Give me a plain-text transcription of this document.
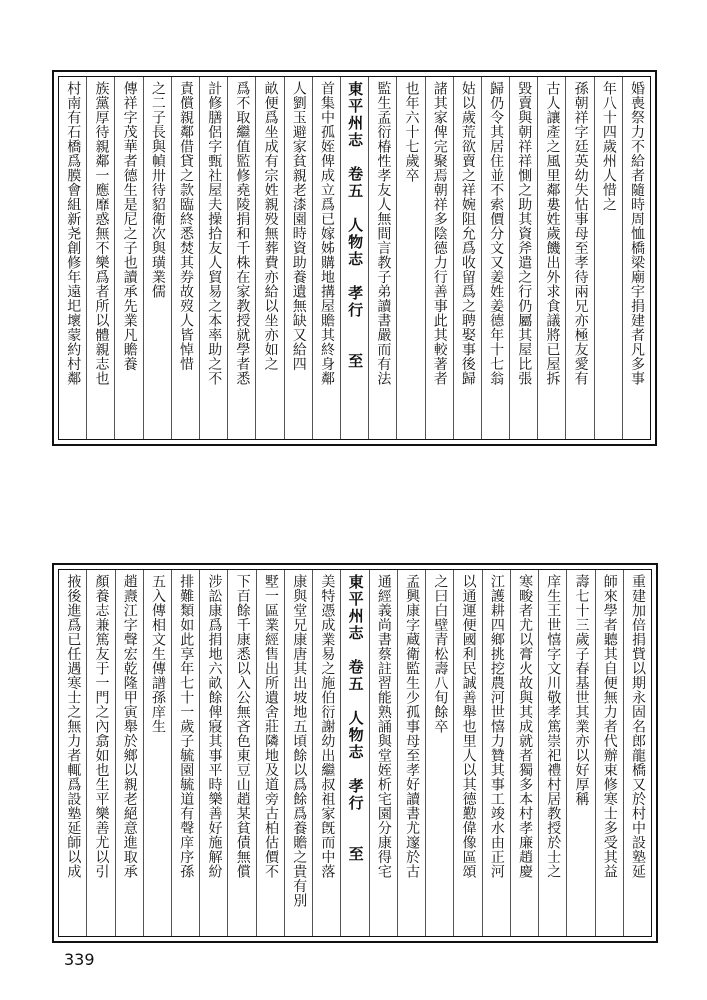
婚喪祭力不給者隨時周恤橋梁廟宇捐建者凡多事
年八十四歲州人惜之
孫朝祥字廷英幼失怙事母至孝待兩兄亦極友愛有
古人讓產之風里鄰婁姓歲饑出外求食議將已屋拆
毀賣與朝祥祥惻之助其資斧遣之行仍屬其屋比張
歸仍令其居住並不索價分文又姜姓姜德年十七翁
姑以歲荒欲賣之祥婉阻允爲收留爲之聘娶事後歸
諸其家俾完聚焉朝祥多陰德力行善事此其較著者
也年六十七歲卒
監生孟衍椿性孝友人無間言教子弟讀書嚴而有法
東平州志　卷五　人物志　孝行　　至
首集中孤姪俾成立爲已嫁姊購地搆屋贍其終身鄰
人劉玉避家貧親老漆園時資助養遺無缺又給四
畝便爲坐成有宗姓親殁無葬費亦給以坐亦如之
爲不取繼值監修堯陵捐和千株在家教授就學者悉
計修膳侶字甄社屋夫操拾友人貿易之本率助之不
責償親鄰借貸之款臨終悉焚其券故歿人皆悼惜
之二子長與幀卅待貂衛次與璜業儒
傳祥字茂華者德生是尼之子也讀承先業凡贍養
族黨厚待親鄰一應靡惑無不樂爲者所以體親志也
村南有石橋爲膜會組新尧創修年遠圯壞蒙約村鄰
重建加倍捐貲以期永固名郎龍橋又於村中設塾延
師來學者聽其自便無力者代辦束修寒士多受其益
壽七十三歲子春基世其業亦以好厚稱
庠生王世憘字文川敬孝篤崇祀禮村居教授於士之
寒畯者尤以膏火故與其成就者獨多本村孝廉趙慶
江護耕四鄉挑挖農河世憘力贊其事工竣水由正河
以通運便國利民誠善舉也里人以其德懃偉像區頌
之曰白壁青松壽八旬餘卒
孟興康字蔵衛監生少孤事母至孝好讀書尤邃於古
通經義尚書蔡註習能熟誦與堂姪析宅園分康得宅
東平州志　卷五　人物志　孝行　　至
美特憑成業易之施伯衍謝幼出繼叔祖家旣而中落
康與堂兄康唐其出坡地五頃餘以爲餘爲養贍之貴有別
墅一區業經售出所遺舍莊隣地及道旁古柏估價不
下百餘千康悉以入公無吝色東豆山趙某貧債無償
涉訟康爲捐地六畝餘俾寢其事平時樂善好施解紛
排難類如此享年七十一歲子毓園毓道有聲庠序孫
五入傳相文生傳譜孫庠生
趙燾江字聲宏乾隆甲寅舉於鄉以親老絕意進取承
顏養志兼篤友于一門之內翕如也生平樂善尤以引
掖後進爲已任遇寒士之無力者輒爲設塾延師以成
339
